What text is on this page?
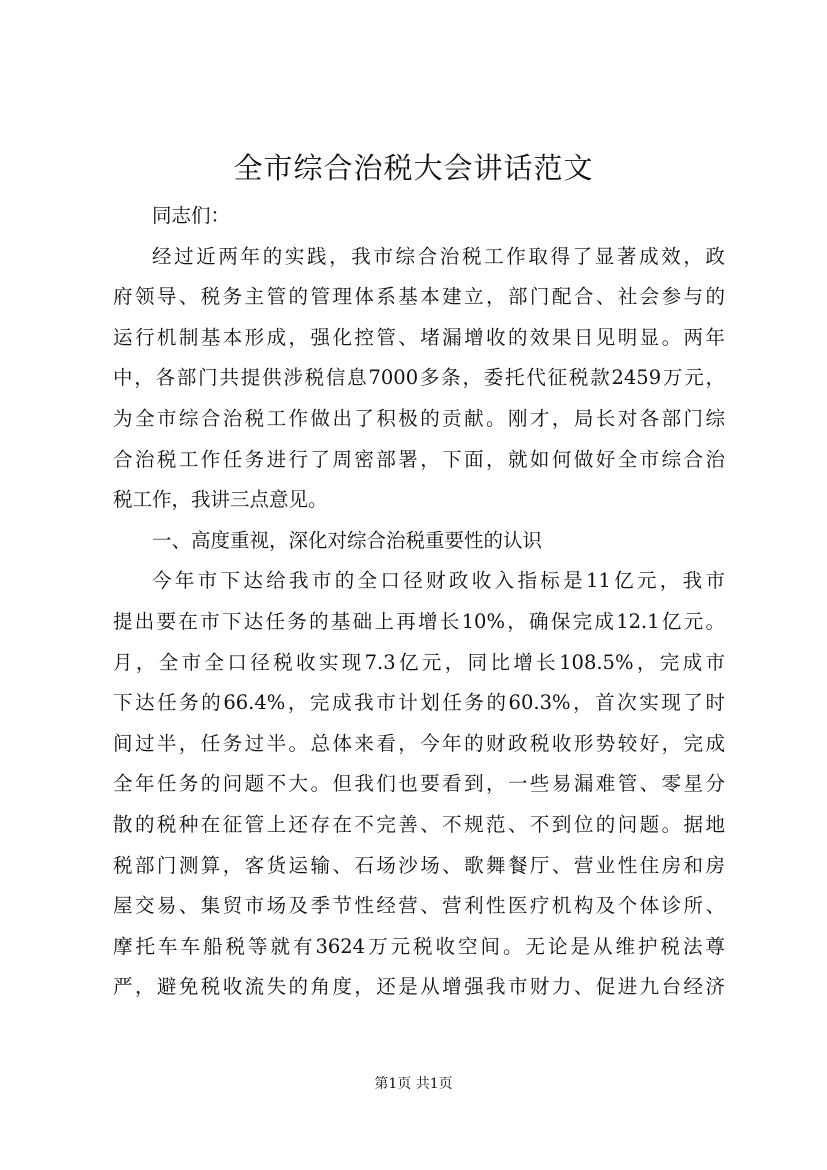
全市综合治税大会讲话范文
同志们：
经过近两年的实践，我市综合治税工作取得了显著成效，政
府领导、税务主管的管理体系基本建立，部门配合、社会参与的
运行机制基本形成，强化控管、堵漏增收的效果日见明显。两年
中，各部门共提供涉税信息7000多条，委托代征税款2459万元，
为全市综合治税工作做出了积极的贡献。刚才，局长对各部门综
合治税工作任务进行了周密部署，下面，就如何做好全市综合治
税工作，我讲三点意见。
一、高度重视，深化对综合治税重要性的认识
今年市下达给我市的全口径财政收入指标是11亿元，我市
提出要在市下达任务的基础上再增长10%，确保完成12.1亿元。
月，全市全口径税收实现7.3亿元，同比增长108.5%，完成市
下达任务的66.4%，完成我市计划任务的60.3%，首次实现了时
间过半，任务过半。总体来看，今年的财政税收形势较好，完成
全年任务的问题不大。但我们也要看到，一些易漏难管、零星分
散的税种在征管上还存在不完善、不规范、不到位的问题。据地
税部门测算，客货运输、石场沙场、歌舞餐厅、营业性住房和房
屋交易、集贸市场及季节性经营、营利性医疗机构及个体诊所、
摩托车车船税等就有3624万元税收空间。无论是从维护税法尊
严，避免税收流失的角度，还是从增强我市财力、促进九台经济
第1页 共1页
